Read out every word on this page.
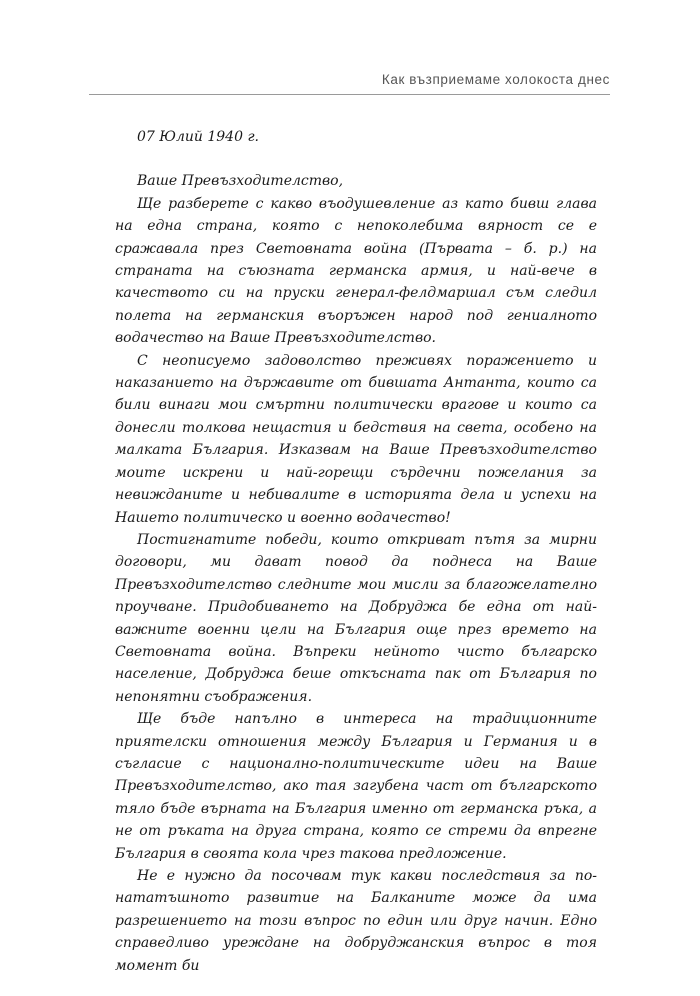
Как възприемаме холокоста днес

07 Юлий 1940 г.

Ваше Превъзходителство,

Ще разберете с какво въодушевление аз като бивш глава на една страна, която с непоколебима вярност се е сражавала през Световната война (Първата – б. р.) на страната на съюзната германска армия, и най-вече в качеството си на пруски генерал-фелдмаршал съм следил полета на германския въоръжен народ под гениалното водачество на Ваше Превъзходителство.

С неописуемо задоволство преживях поражението и наказанието на държавите от бившата Антанта, които са били винаги мои смъртни политически врагове и които са донесли толкова нещастия и бедствия на света, особено на малката България. Изказвам на Ваше Превъзходителство моите искрени и най-горещи сърдечни пожелания за невижданите и небивалите в историята дела и успехи на Нашето политическо и военно водачество!

Постигнатите победи, които откриват пътя за мирни договори, ми дават повод да поднеса на Ваше Превъзходителство следните мои мисли за благожелателно проучване. Придобиването на Добруджа бе една от най-важните военни цели на България още през времето на Световната война. Въпреки нейното чисто българско население, Добруджа беше откъсната пак от България по непонятни съображения.

Ще бъде напълно в интереса на традиционните приятелски отношения между България и Германия и в съгласие с национално-политическите идеи на Ваше Превъзходителство, ако тая загубена част от българското тяло бъде върната на България именно от германска ръка, а не от ръката на друга страна, която се стреми да впрегне България в своята кола чрез такова предложение.

Не е нужно да посочвам тук какви последствия за по-нататъшното развитие на Балканите може да има разрешението на този въпрос по един или друг начин. Едно справедливо уреждане на добруджанския въпрос в тоя момент би
